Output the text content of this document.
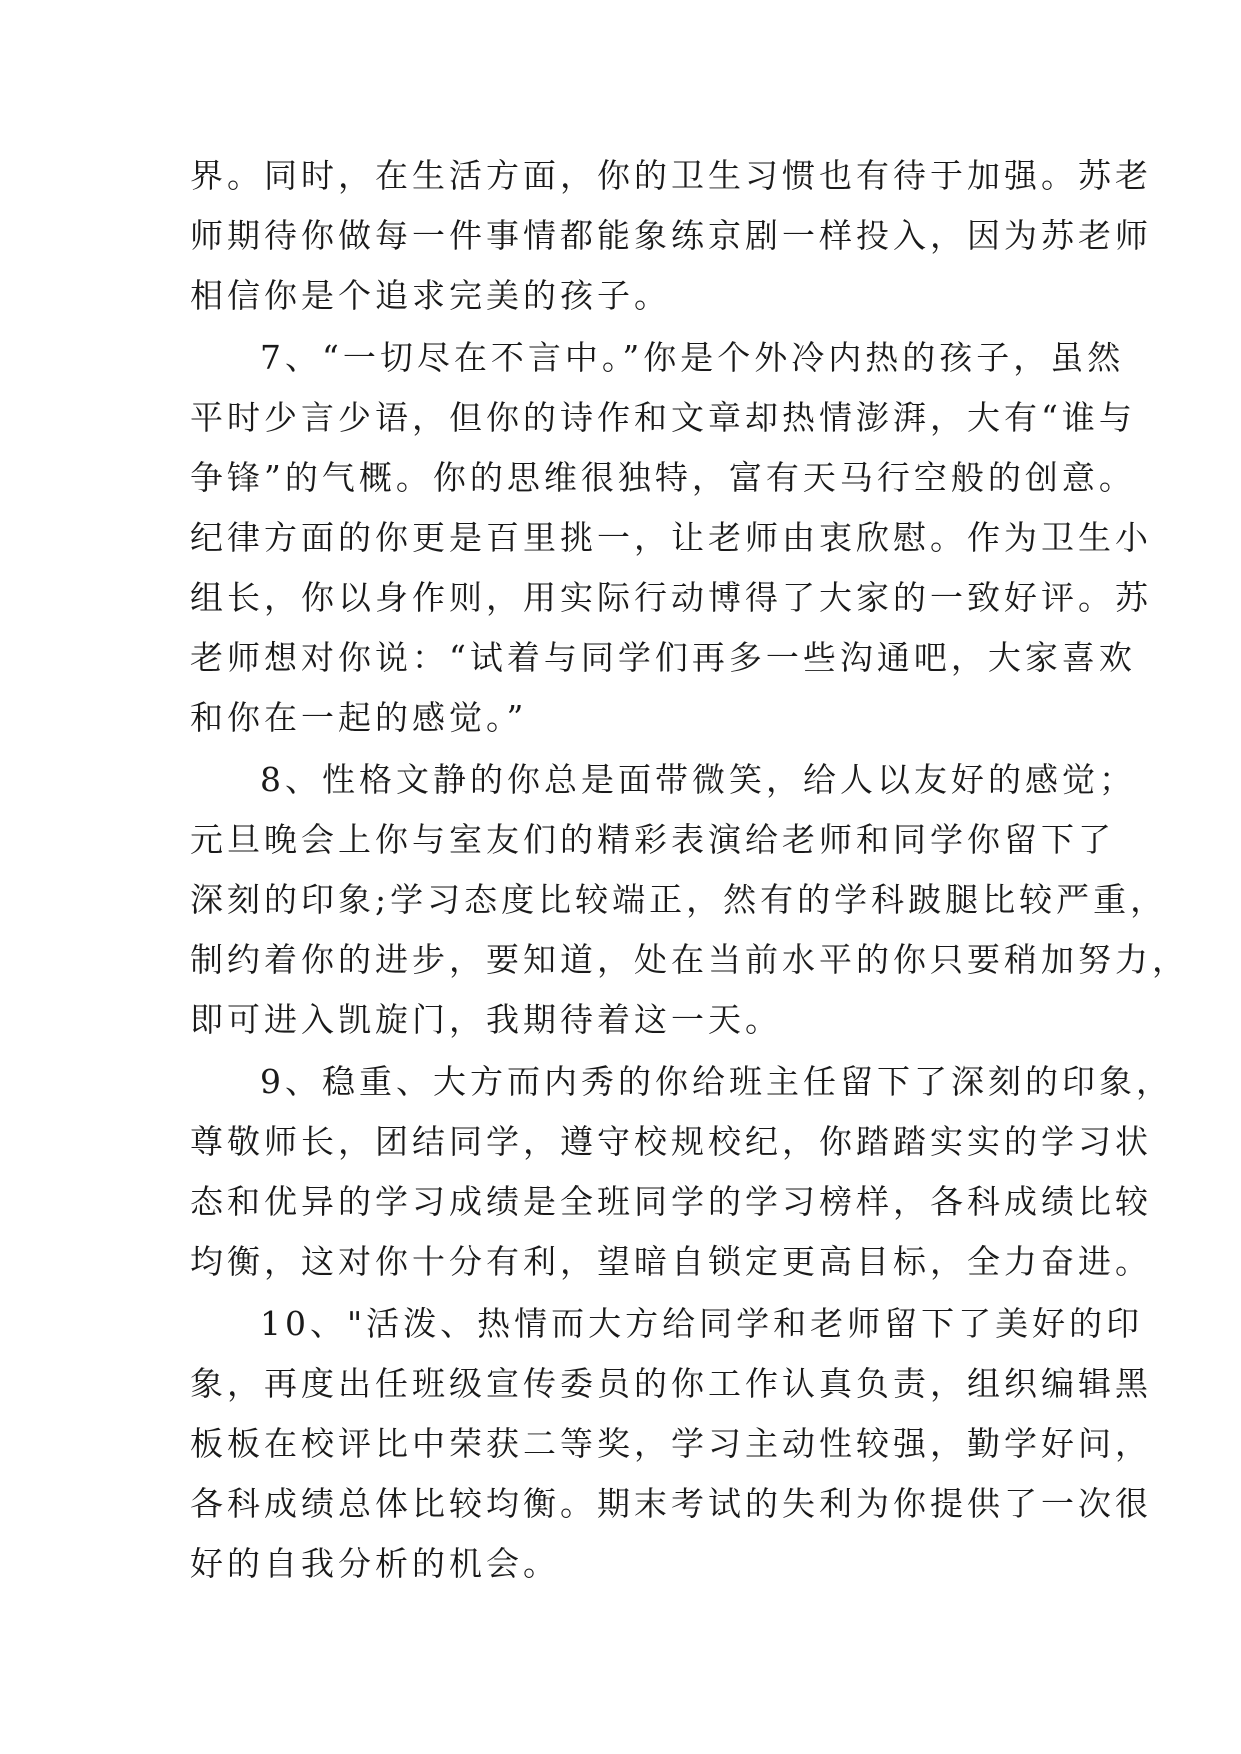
界。同时，在生活方面，你的卫生习惯也有待于加强。苏老
师期待你做每一件事情都能象练京剧一样投入，因为苏老师
相信你是个追求完美的孩子。

7、“一切尽在不言中。”你是个外冷内热的孩子，虽然
平时少言少语，但你的诗作和文章却热情澎湃，大有“谁与
争锋”的气概。你的思维很独特，富有天马行空般的创意。
纪律方面的你更是百里挑一，让老师由衷欣慰。作为卫生小
组长，你以身作则，用实际行动博得了大家的一致好评。苏
老师想对你说：“试着与同学们再多一些沟通吧，大家喜欢
和你在一起的感觉。”

8、性格文静的你总是面带微笑，给人以友好的感觉；
元旦晚会上你与室友们的精彩表演给老师和同学你留下了
深刻的印象;学习态度比较端正，然有的学科跛腿比较严重，
制约着你的进步，要知道，处在当前水平的你只要稍加努力，
即可进入凯旋门，我期待着这一天。

9、稳重、大方而内秀的你给班主任留下了深刻的印象，
尊敬师长，团结同学，遵守校规校纪，你踏踏实实的学习状
态和优异的学习成绩是全班同学的学习榜样，各科成绩比较
均衡，这对你十分有利，望暗自锁定更高目标，全力奋进。

10、"活泼、热情而大方给同学和老师留下了美好的印
象，再度出任班级宣传委员的你工作认真负责，组织编辑黑
板板在校评比中荣获二等奖，学习主动性较强，勤学好问，
各科成绩总体比较均衡。期末考试的失利为你提供了一次很
好的自我分析的机会。
